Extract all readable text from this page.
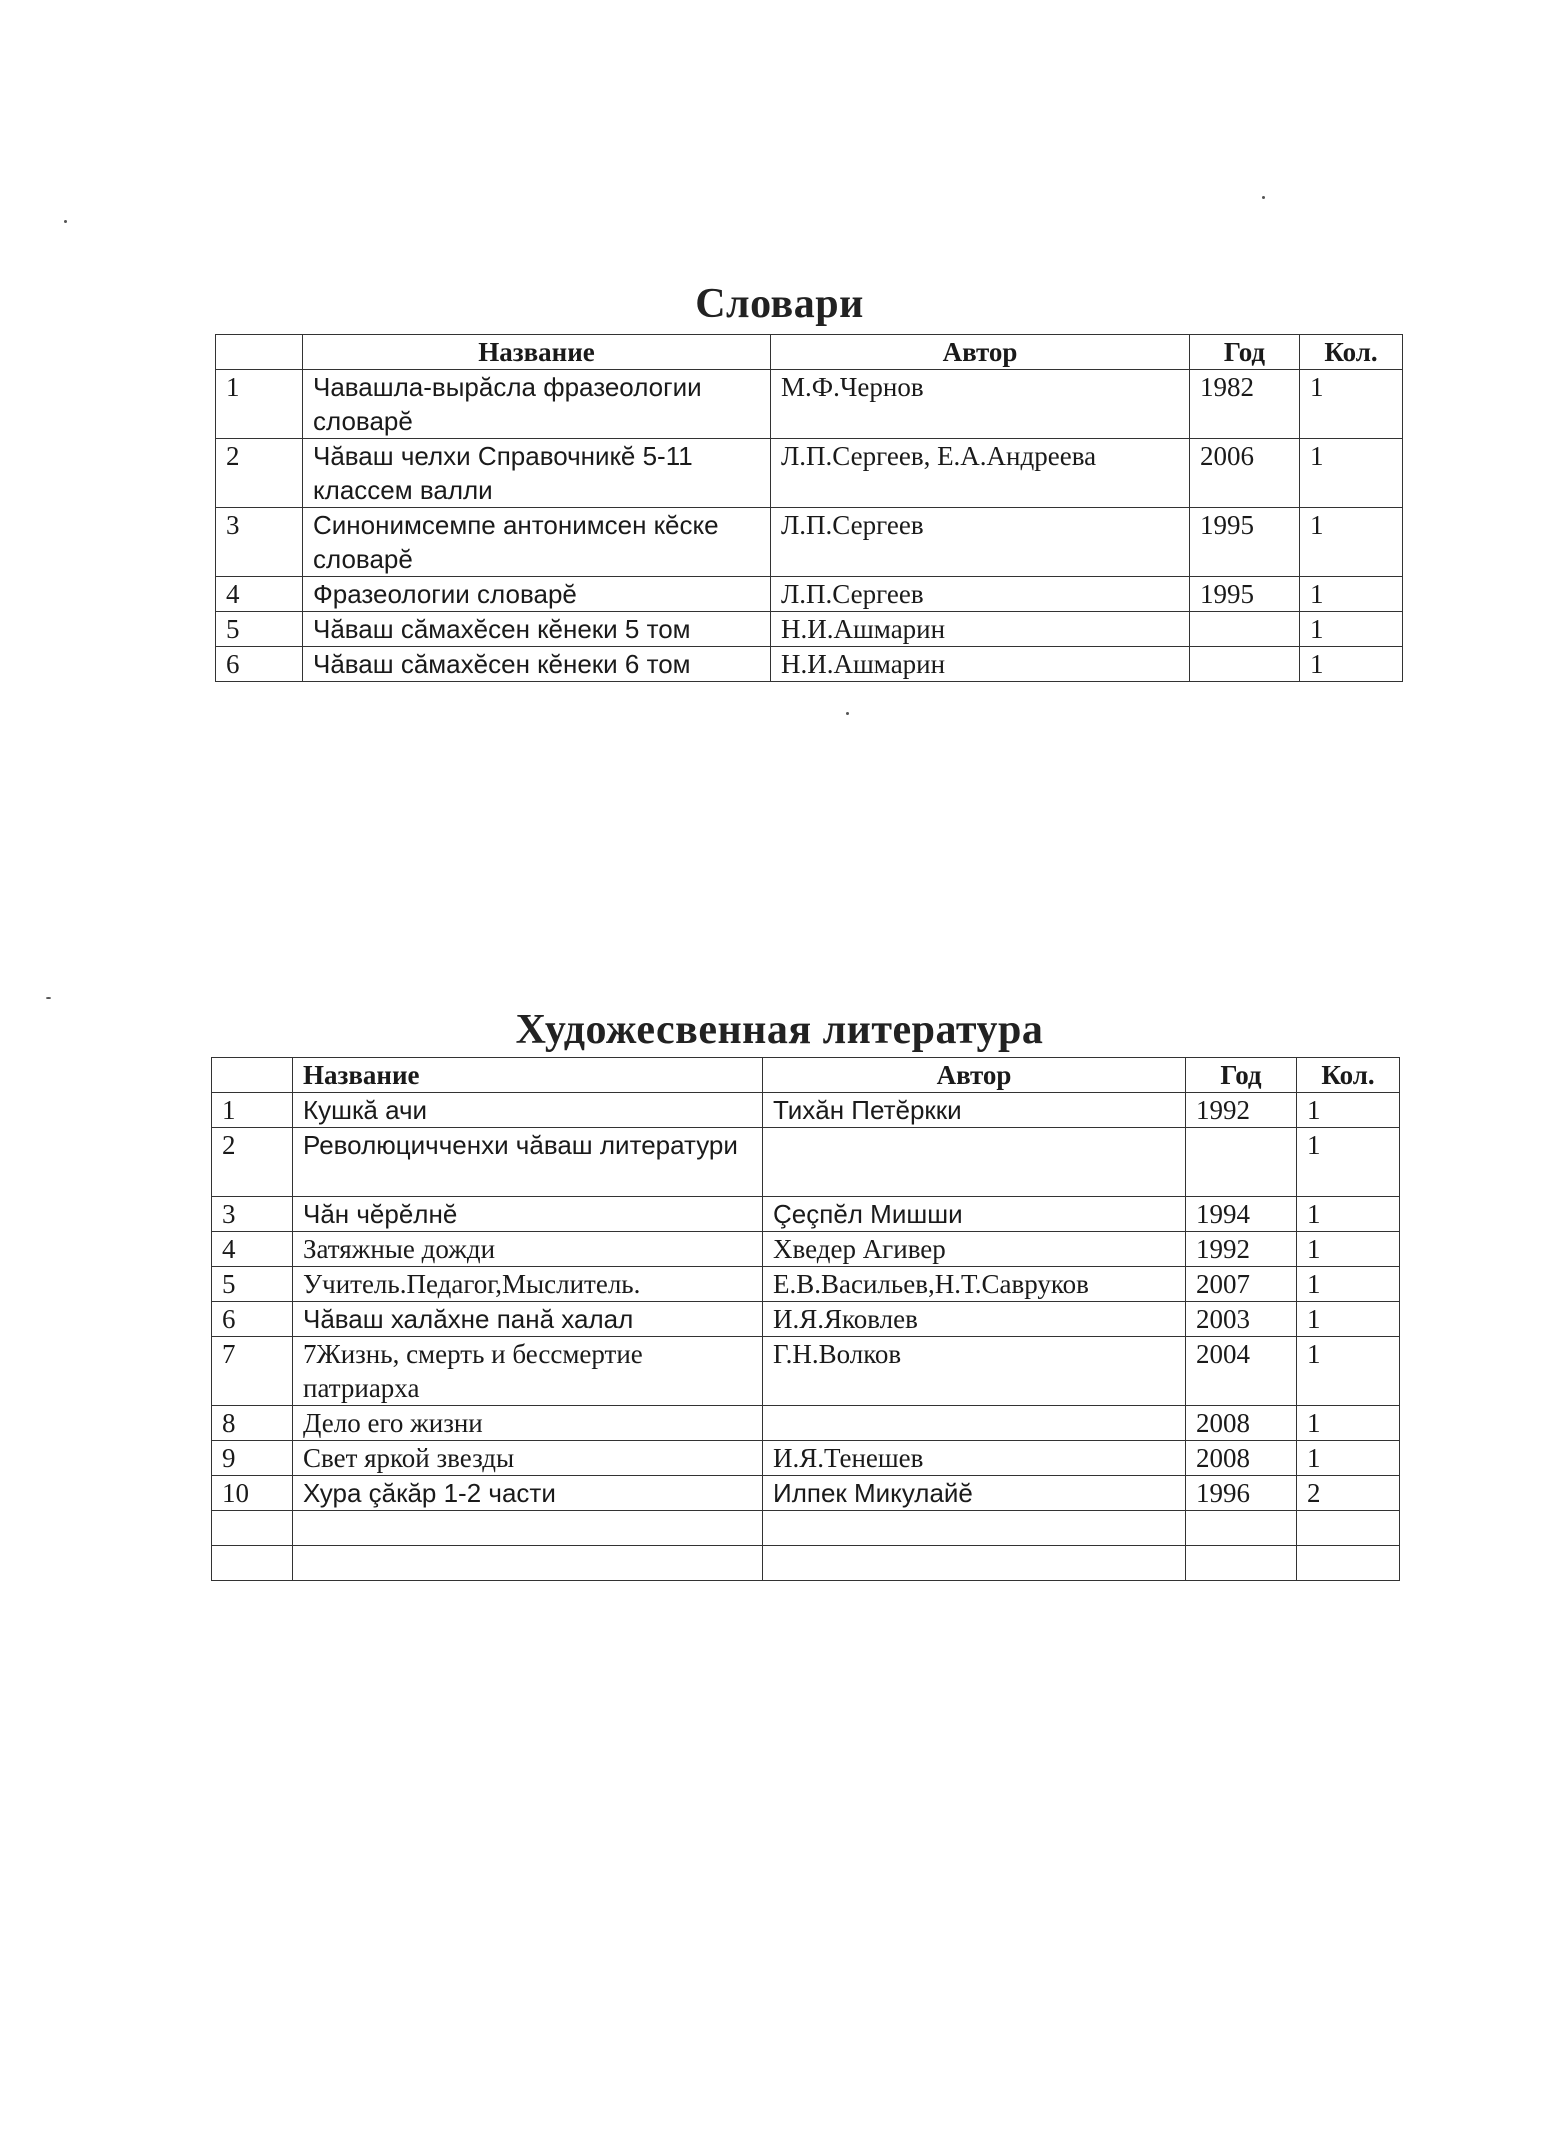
Словари
	Название	Автор	Год	Кол.
1	Чавашла-вырăсла фразеологии словарĕ	М.Ф.Чернов	1982	1
2	Чăваш челхи Справочникĕ 5-11 классем валли	Л.П.Сергеев, Е.А.Андреева	2006	1
3	Синонимсемпе антонимсен кĕске словарĕ	Л.П.Сергеев	1995	1
4	Фразеологии словарĕ	Л.П.Сергеев	1995	1
5	Чăваш сăмахĕсен кĕнеки 5 том	Н.И.Ашмарин		1
6	Чăваш сăмахĕсен кĕнеки 6 том	Н.И.Ашмарин		1
Художесвенная литература
	Название	Автор	Год	Кол.
1	Кушкă ачи	Тихăн Петĕркки	1992	1
2	Революцичченхи чăваш литератури			1
3	Чăн чĕрĕлнĕ	Çеçпĕл Мишши	1994	1
4	Затяжные дожди	Хведер Агивер	1992	1
5	Учитель.Педагог,Мыслитель.	Е.В.Васильев,Н.Т.Савруков	2007	1
6	Чăваш халăхне панă халал	И.Я.Яковлев	2003	1
7	7Жизнь, смерть и бессмертие патриарха	Г.Н.Волков	2004	1
8	Дело его жизни		2008	1
9	Свет яркой звезды	И.Я.Тенешев	2008	1
10	Хура çăкăр 1-2 части	Илпек Микулайĕ	1996	2
